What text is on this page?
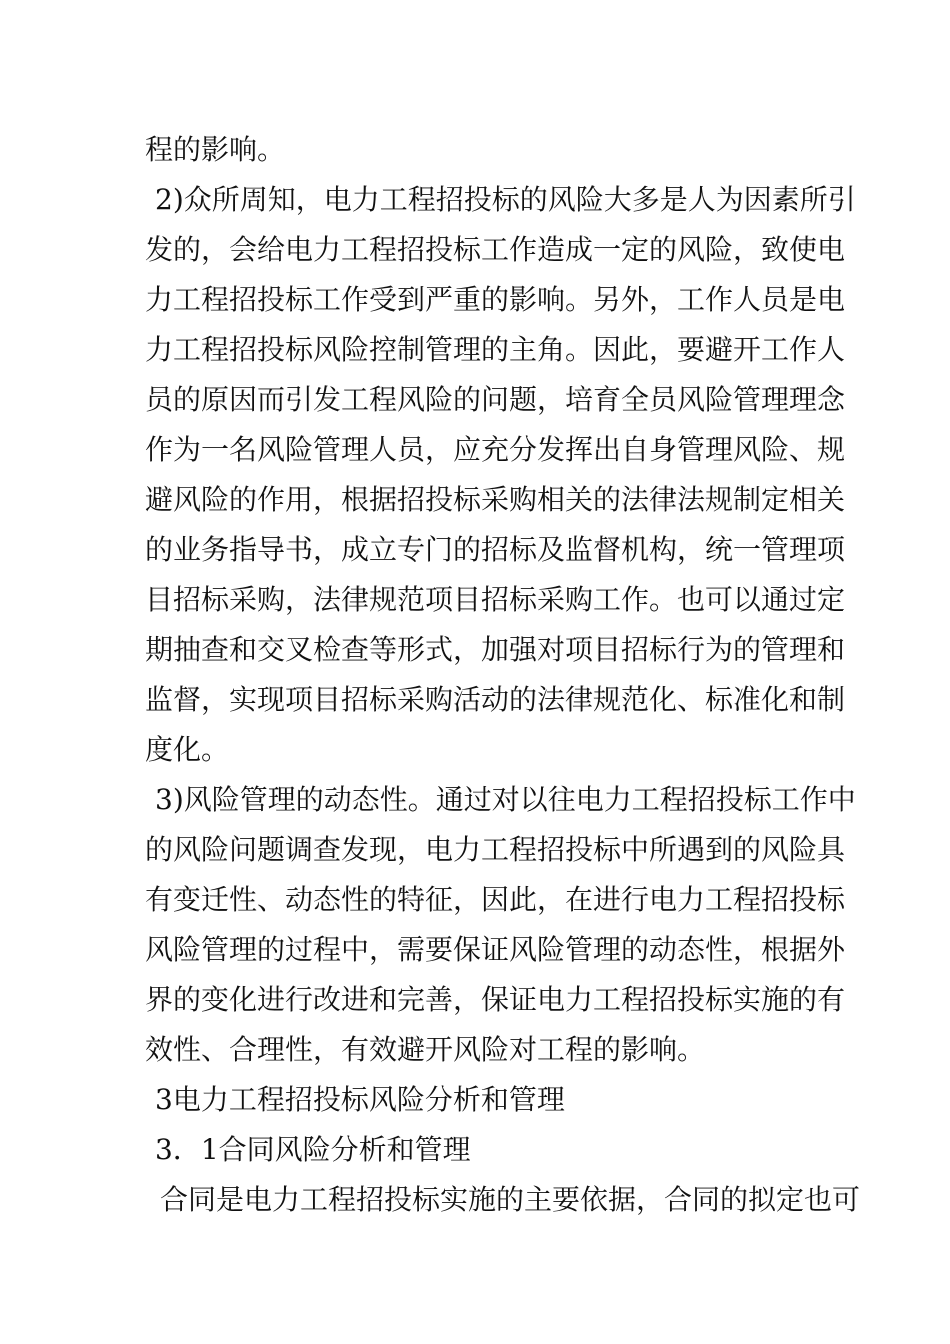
程的影响。

2)众所周知，电力工程招投标的风险大多是人为因素所引

发的，会给电力工程招投标工作造成一定的风险，致使电

力工程招投标工作受到严重的影响。另外，工作人员是电

力工程招投标风险控制管理的主角。因此，要避开工作人

员的原因而引发工程风险的问题，培育全员风险管理理念

作为一名风险管理人员，应充分发挥出自身管理风险、规

避风险的作用，根据招投标采购相关的法律法规制定相关

的业务指导书，成立专门的招标及监督机构，统一管理项

目招标采购，法律规范项目招标采购工作。也可以通过定

期抽查和交叉检查等形式，加强对项目招标行为的管理和

监督，实现项目招标采购活动的法律规范化、标准化和制

度化。

3)风险管理的动态性。通过对以往电力工程招投标工作中

的风险问题调查发现，电力工程招投标中所遇到的风险具

有变迁性、动态性的特征，因此，在进行电力工程招投标

风险管理的过程中，需要保证风险管理的动态性，根据外

界的变化进行改进和完善，保证电力工程招投标实施的有

效性、合理性，有效避开风险对工程的影响。

3电力工程招投标风险分析和管理

3．1合同风险分析和管理

合同是电力工程招投标实施的主要依据，合同的拟定也可
